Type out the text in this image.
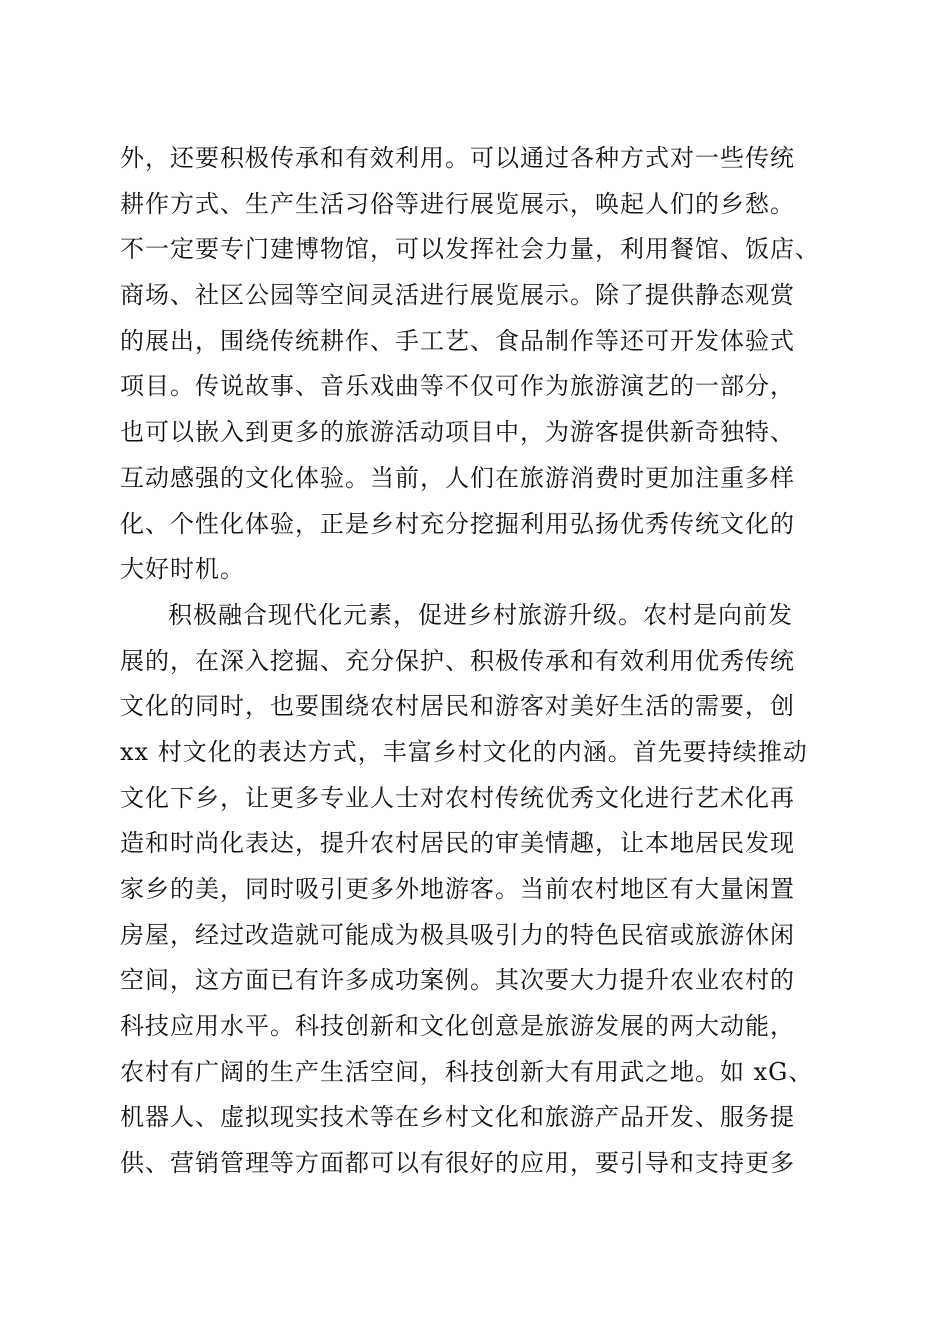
外，还要积极传承和有效利用。可以通过各种方式对一些传统
耕作方式、生产生活习俗等进行展览展示，唤起人们的乡愁。
不一定要专门建博物馆，可以发挥社会力量，利用餐馆、饭店、
商场、社区公园等空间灵活进行展览展示。除了提供静态观赏
的展出，围绕传统耕作、手工艺、食品制作等还可开发体验式
项目。传说故事、音乐戏曲等不仅可作为旅游演艺的一部分，
也可以嵌入到更多的旅游活动项目中，为游客提供新奇独特、
互动感强的文化体验。当前，人们在旅游消费时更加注重多样
化、个性化体验，正是乡村充分挖掘利用弘扬优秀传统文化的
大好时机。
积极融合现代化元素，促进乡村旅游升级。农村是向前发
展的，在深入挖掘、充分保护、积极传承和有效利用优秀传统
文化的同时，也要围绕农村居民和游客对美好生活的需要，创
xx 村文化的表达方式，丰富乡村文化的内涵。首先要持续推动
文化下乡，让更多专业人士对农村传统优秀文化进行艺术化再
造和时尚化表达，提升农村居民的审美情趣，让本地居民发现
家乡的美，同时吸引更多外地游客。当前农村地区有大量闲置
房屋，经过改造就可能成为极具吸引力的特色民宿或旅游休闲
空间，这方面已有许多成功案例。其次要大力提升农业农村的
科技应用水平。科技创新和文化创意是旅游发展的两大动能，
农村有广阔的生产生活空间，科技创新大有用武之地。如 xG、
机器人、虚拟现实技术等在乡村文化和旅游产品开发、服务提
供、营销管理等方面都可以有很好的应用，要引导和支持更多
